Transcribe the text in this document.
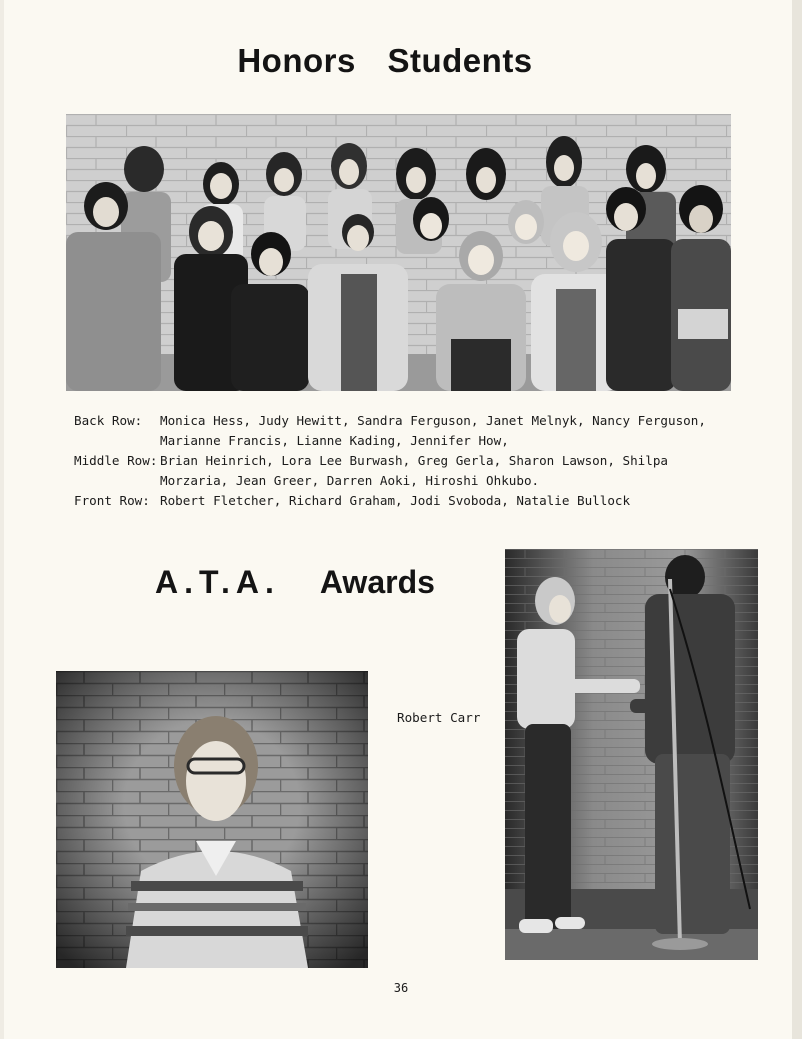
Honors Students
Back Row:	Monica Hess, Judy Hewitt, Sandra Ferguson, Janet Melnyk, Nancy Ferguson, Marianne Francis, Lianne Kading, Jennifer How,
Middle Row: Brian Heinrich, Lora Lee Burwash, Greg Gerla, Sharon Lawson, Shilpa Morzaria, Jean Greer, Darren Aoki, Hiroshi Ohkubo.
Front Row: Robert Fletcher, Richard Graham, Jodi Svoboda, Natalie Bullock
A.T.A. Awards
Robert Carr
36
